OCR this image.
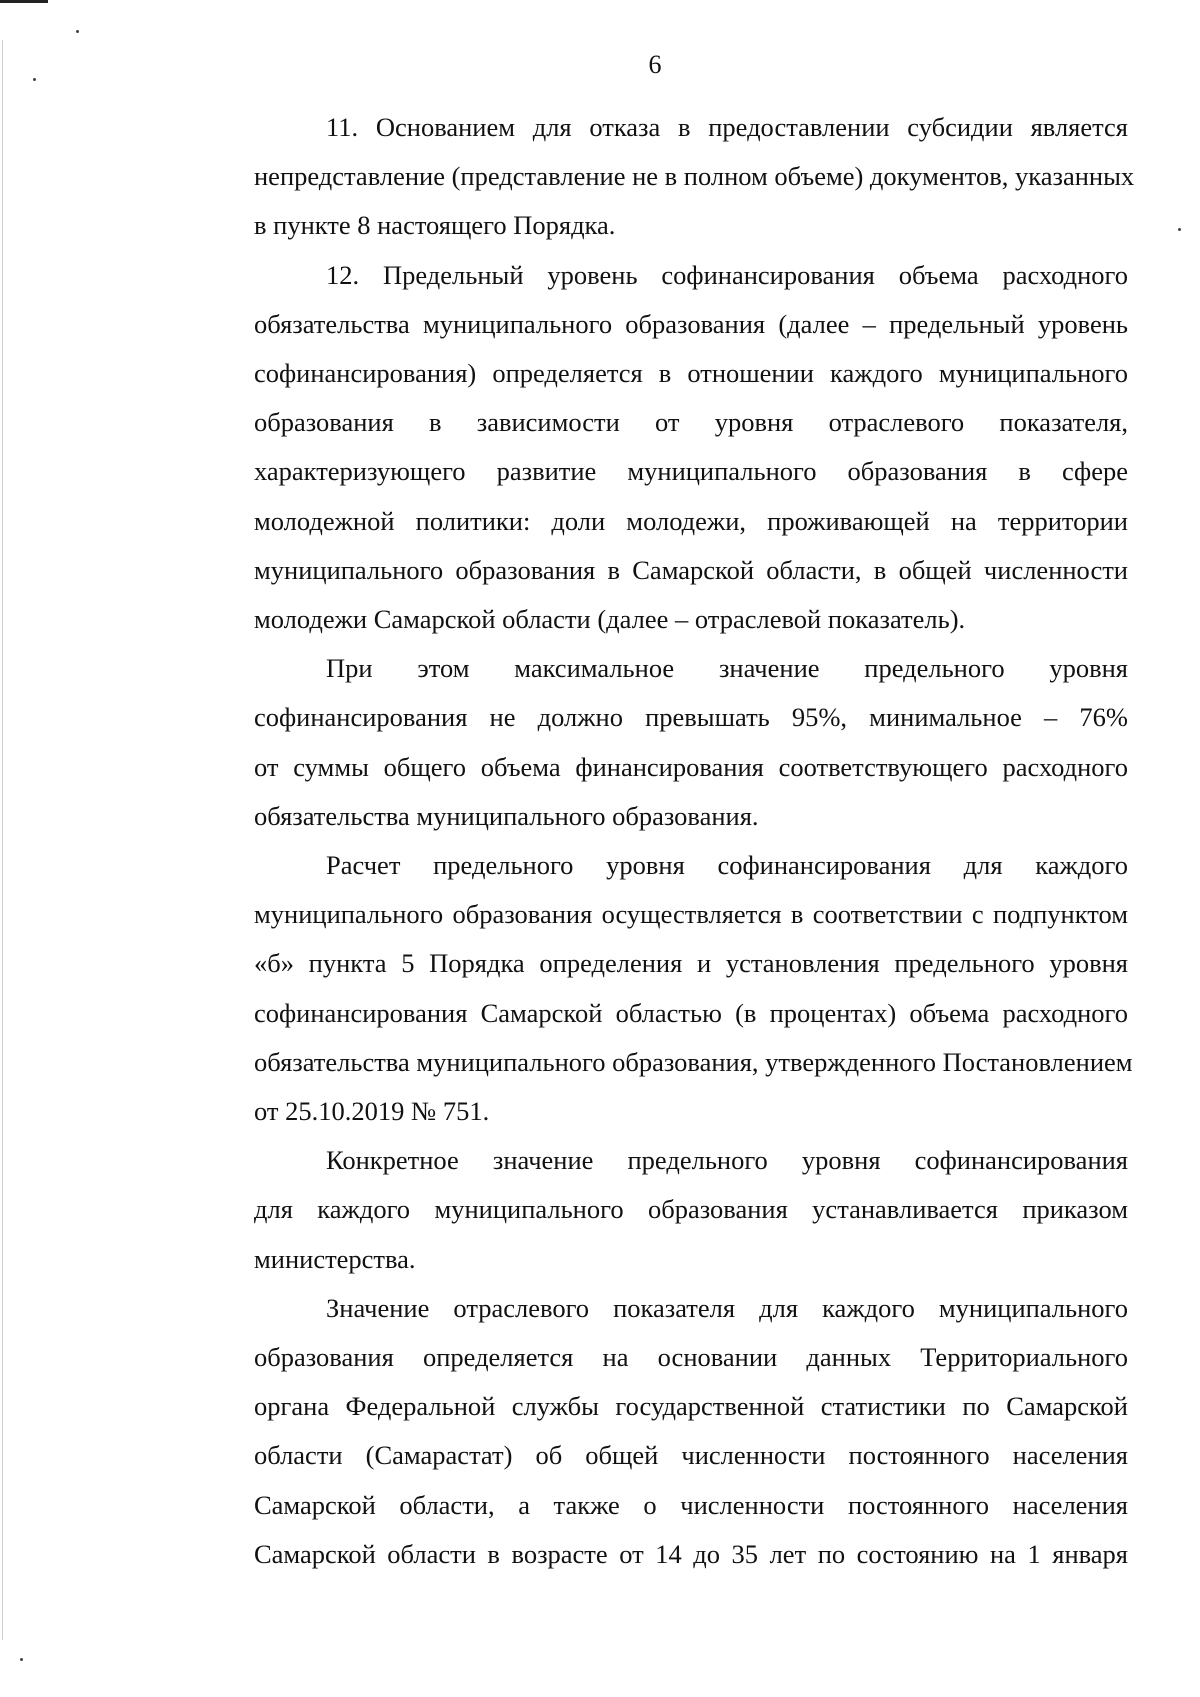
6
11. Основанием для отказа в предоставлении субсидии является
непредставление (представление не в полном объеме) документов, указанных
в пункте 8 настоящего Порядка.
12. Предельный уровень софинансирования объема расходного
обязательства муниципального образования (далее – предельный уровень
софинансирования) определяется в отношении каждого муниципального
образования в зависимости от уровня отраслевого показателя,
характеризующего развитие муниципального образования в сфере
молодежной политики: доли молодежи, проживающей на территории
муниципального образования в Самарской области, в общей численности
молодежи Самарской области (далее – отраслевой показатель).
При этом максимальное значение предельного уровня
софинансирования не должно превышать 95%, минимальное – 76%
от суммы общего объема финансирования соответствующего расходного
обязательства муниципального образования.
Расчет предельного уровня софинансирования для каждого
муниципального образования осуществляется в соответствии с подпунктом
«б» пункта 5 Порядка определения и установления предельного уровня
софинансирования Самарской областью (в процентах) объема расходного
обязательства муниципального образования, утвержденного Постановлением
от 25.10.2019 № 751.
Конкретное значение предельного уровня софинансирования
для каждого муниципального образования устанавливается приказом
министерства.
Значение отраслевого показателя для каждого муниципального
образования определяется на основании данных Территориального
органа Федеральной службы государственной статистики по Самарской
области (Самарастат) об общей численности постоянного населения
Самарской области, а также о численности постоянного населения
Самарской области в возрасте от 14 до 35 лет по состоянию на 1 января
